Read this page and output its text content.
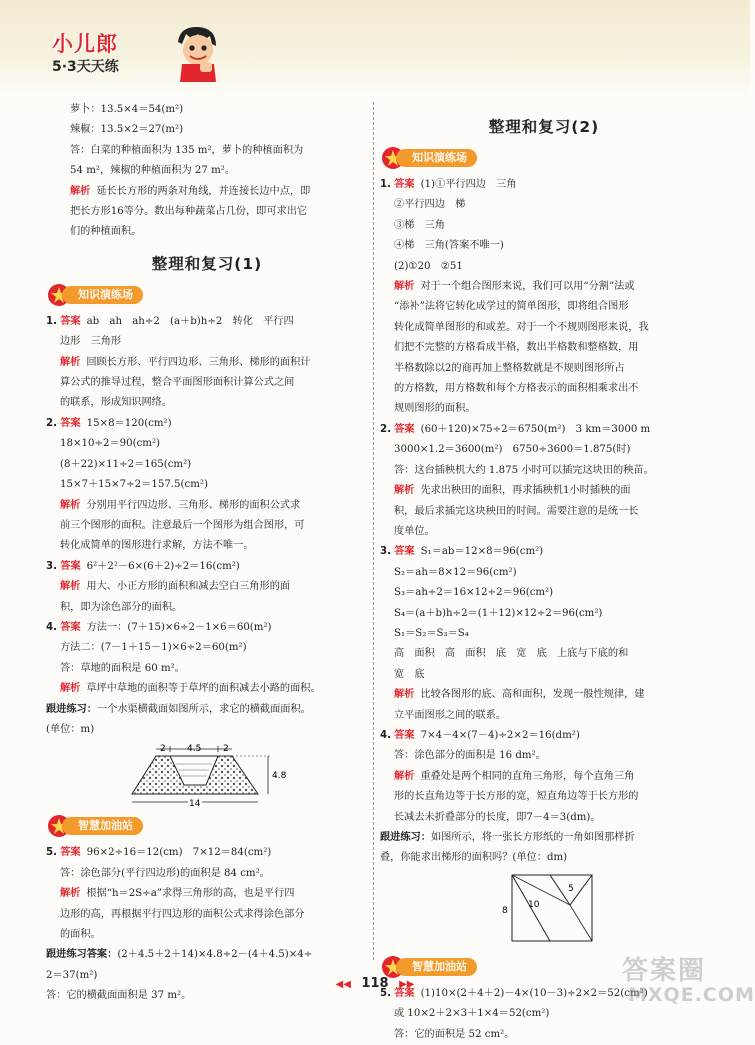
小儿郎
5·3天天练
萝卜：13.5×4＝54(m²)
辣椒：13.5×2＝27(m²)
答：白菜的种植面积为 135 m²，萝卜的种植面积为
54 m²，辣椒的种植面积为 27 m²。
解析 延长长方形的两条对角线，并连接长边中点，即
把长方形16等分。数出每种蔬菜占几份，即可求出它
们的种植面积。
整理和复习(1)
知识演练场
1. 答案 ab　ah　ah÷2　(a＋b)h÷2　转化　平行四
边形　三角形
解析 回顾长方形、平行四边形、三角形、梯形的面积计
算公式的推导过程，整合平面图形面积计算公式之间
的联系，形成知识网络。
2. 答案 15×8＝120(cm²)
18×10÷2＝90(cm²)
(8＋22)×11÷2＝165(cm²)
15×7＋15×7÷2＝157.5(cm²)
解析 分别用平行四边形、三角形、梯形的面积公式求
前三个图形的面积。注意最后一个图形为组合图形，可
转化成简单的图形进行求解，方法不唯一。
3. 答案 6²＋2²－6×(6＋2)÷2＝16(cm²)
解析 用大、小正方形的面积和减去空白三角形的面
积，即为涂色部分的面积。
4. 答案 方法一：(7＋15)×6÷2－1×6＝60(m²)
方法二：(7－1＋15－1)×6÷2＝60(m²)
答：草地的面积是 60 m²。
解析 草坪中草地的面积等于草坪的面积减去小路的面积。
跟进练习：一个水渠横截面如图所示，求它的横截面面积。
(单位：m)
2 4.5 2
4.8
14
智慧加油站
5. 答案 96×2÷16＝12(cm)　7×12＝84(cm²)
答：涂色部分(平行四边形)的面积是 84 cm²。
解析 根据“h＝2S÷a”求得三角形的高，也是平行四
边形的高，再根据平行四边形的面积公式求得涂色部分
的面积。
跟进练习答案：(2＋4.5＋2＋14)×4.8÷2－(4＋4.5)×4÷
2＝37(m²)
答：它的横截面面积是 37 m²。
整理和复习(2)
知识演练场
1. 答案 (1)①平行四边　三角
②平行四边　梯
③梯　三角
④梯　三角(答案不唯一)
(2)①20　②51
解析 对于一个组合图形来说，我们可以用“分割”法或
“添补”法将它转化成学过的简单图形，即将组合图形
转化成简单图形的和或差。对于一个不规则图形来说，我
们把不完整的方格看成半格，数出半格数和整格数，用
半格数除以2的商再加上整格数就是不规则图形所占
的方格数，用方格数和每个方格表示的面积相乘求出不
规则图形的面积。
2. 答案 (60＋120)×75÷2＝6750(m²)　3 km＝3000 m
3000×1.2＝3600(m²)　6750÷3600＝1.875(时)
答：这台插秧机大约 1.875 小时可以插完这块田的秧苗。
解析 先求出秧田的面积，再求插秧机1小时插秧的面
积，最后求插完这块秧田的时间。需要注意的是统一长
度单位。
3. 答案 S₁＝ab＝12×8＝96(cm²)
S₂＝ah＝8×12＝96(cm²)
S₃＝ah÷2＝16×12÷2＝96(cm²)
S₄＝(a＋b)h÷2＝(1＋12)×12÷2＝96(cm²)
S₁＝S₂＝S₃＝S₄
高　面积　高　面积　底　宽　底　上底与下底的和
宽　底
解析 比较各图形的底、高和面积，发现一般性规律，建
立平面图形之间的联系。
4. 答案 7×4－4×(7－4)÷2×2＝16(dm²)
答：涂色部分的面积是 16 dm²。
解析 重叠处是两个相同的直角三角形，每个直角三角
形的长直角边等于长方形的宽，短直角边等于长方形的
长减去未折叠部分的长度，即7－4＝3(dm)。
跟进练习：如图所示，将一张长方形纸的一角如图那样折
叠，你能求出梯形的面积吗？(单位：dm)
10
5
8
智慧加油站
5. 答案 (1)10×(2＋4＋2)－4×(10－3)÷2×2＝52(cm²)
或 10×2＋2×3＋1×4＝52(cm²)
答：它的面积是 52 cm²。
◀◀ 118 ▶▶	答案圈
MXQE.COM
